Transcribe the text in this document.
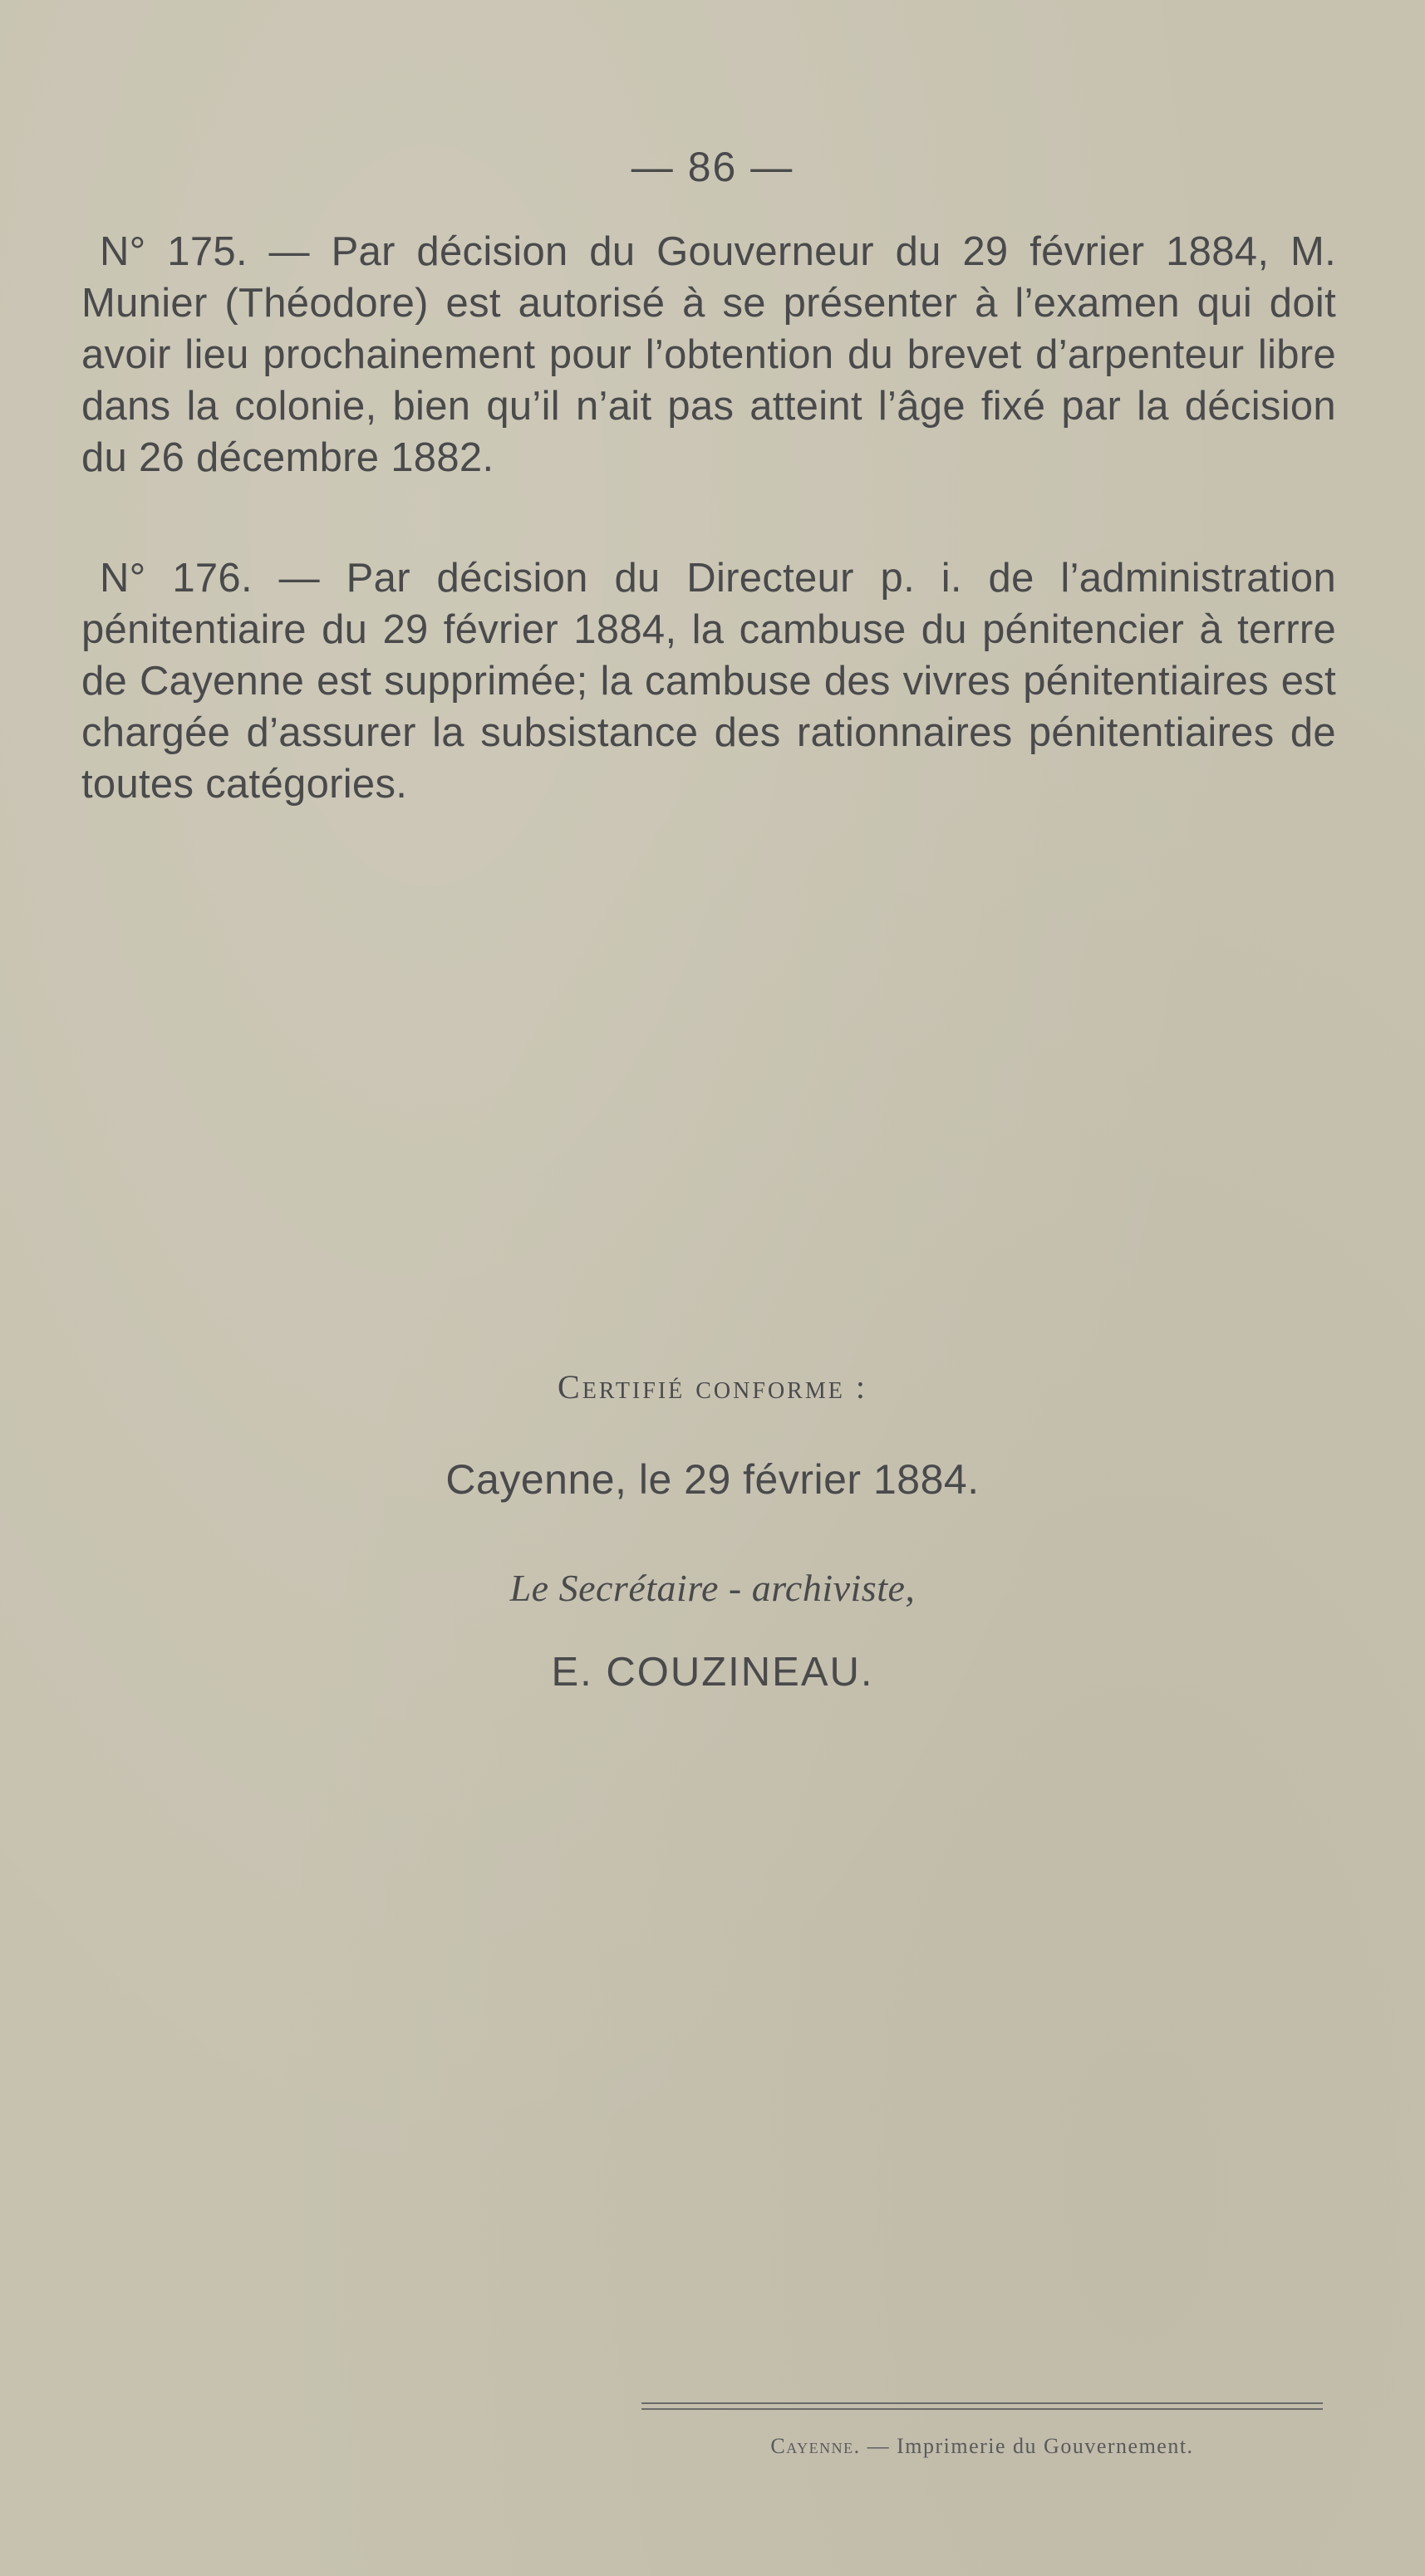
— 86 —
N° 175. — Par décision du Gouverneur du 29 février 1884, M. Munier (Théodore) est autorisé à se présenter à l’examen qui doit avoir lieu prochainement pour l’obtention du brevet d’arpenteur libre dans la colonie, bien qu’il n’ait pas atteint l’âge fixé par la décision du 26 décembre 1882.
N° 176. — Par décision du Directeur p. i. de l’administration pénitentiaire du 29 février 1884, la cambuse du pénitencier à terrre de Cayenne est supprimée; la cambuse des vivres pénitentiaires est chargée d’assurer la subsistance des rationnaires pénitentiaires de toutes catégories.
Certifié conforme :
Cayenne, le 29 février 1884.
Le Secrétaire - archiviste,
E. COUZINEAU.
Cayenne. — Imprimerie du Gouvernement.
